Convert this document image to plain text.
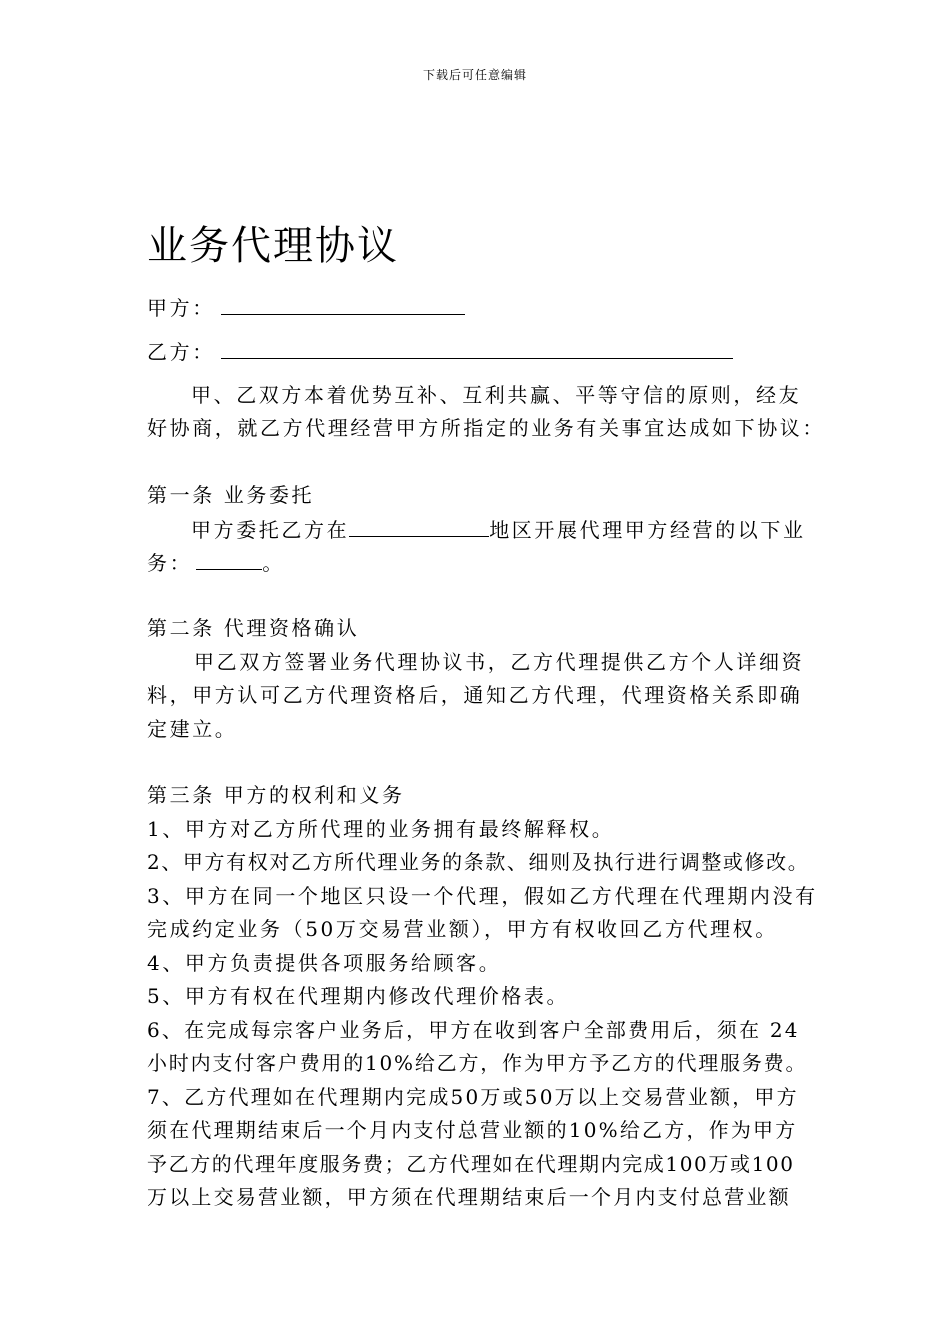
下载后可任意编辑
业务代理协议
甲方：
乙方：
甲、乙双方本着优势互补、互利共赢、平等守信的原则，经友
好协商，就乙方代理经营甲方所指定的业务有关事宜达成如下协议：
第一条 业务委托
甲方委托乙方在	地区开展代理甲方经营的以下业
务：	。
第二条 代理资格确认
甲乙双方签署业务代理协议书，乙方代理提供乙方个人详细资
料，甲方认可乙方代理资格后，通知乙方代理，代理资格关系即确
定建立。
第三条 甲方的权利和义务
1、甲方对乙方所代理的业务拥有最终解释权。
2、甲方有权对乙方所代理业务的条款、细则及执行进行调整或修改。
3、甲方在同一个地区只设一个代理，假如乙方代理在代理期内没有
完成约定业务（50万交易营业额），甲方有权收回乙方代理权。
4、甲方负责提供各项服务给顾客。
5、甲方有权在代理期内修改代理价格表。
6、在完成每宗客户业务后，甲方在收到客户全部费用后，须在 24
小时内支付客户费用的10%给乙方，作为甲方予乙方的代理服务费。
7、乙方代理如在代理期内完成50万或50万以上交易营业额，甲方
须在代理期结束后一个月内支付总营业额的10%给乙方，作为甲方
予乙方的代理年度服务费；乙方代理如在代理期内完成100万或100
万以上交易营业额，甲方须在代理期结束后一个月内支付总营业额
